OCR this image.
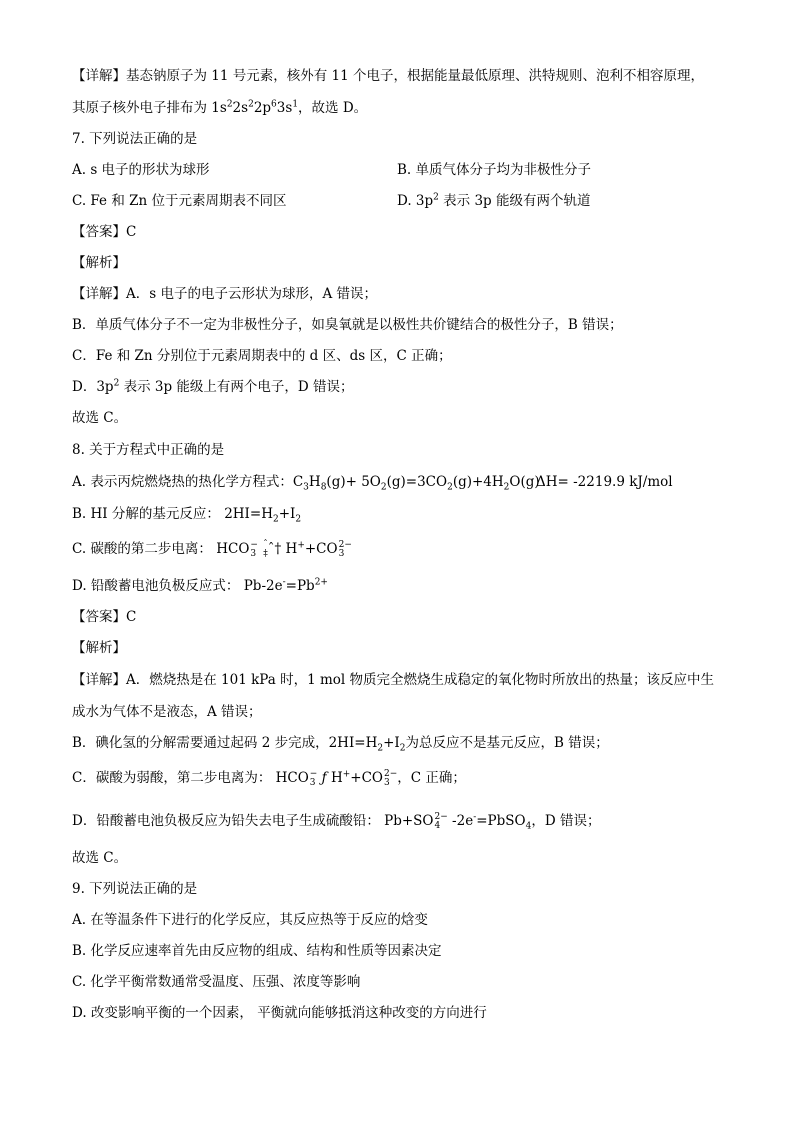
【详解】基态钠原子为 11 号元素，核外有 11 个电子，根据能量最低原理、洪特规则、泡利不相容原理，
其原子核外电子排布为 $1s^22s^22p^63s^1$，故选 D。
7. 下列说法正确的是
A. s 电子的形状为球形	B. 单质气体分子均为非极性分子
C. Fe 和 Zn 位于元素周期表不同区	D. $3p^2$ 表示 3p 能级有两个轨道
【答案】C
【解析】
【详解】A．s 电子的电子云形状为球形，A 错误；
B．单质气体分子不一定为非极性分子，如臭氧就是以极性共价键结合的极性分子，B 错误；
C．Fe 和 Zn 分别位于元素周期表中的 d 区、ds 区，C 正确；
D．$3p^2$ 表示 3p 能级上有两个电子，D 错误；
故选 C。
8. 关于方程式中正确的是
A. 表示丙烷燃烧热的热化学方程式：$C_3H_8(g)+ 5O_2(g)=3CO_2(g)+4H_2O(g)$
ΔH= -2219.9 kJ/mol
B. HI 分解的基元反应： $2HI=H_2+I_2$
C. 碳酸的第二步电离： HCO −
3

ˆ
‡ ˆ† H++CO 2−
3
D. 铅酸蓄电池负极反应式： $Pb-2e^-=Pb^{2+}$
【答案】C
【解析】
【详解】A．燃烧热是在 101 kPa 时，1 mol 物质完全燃烧生成稳定的氧化物时所放出的热量；该反应中生
成水为气体不是液态，A 错误；
B．碘化氢的分解需要通过起码 2 步完成，$2HI=H_2+I_2$为总反应不是基元反应，B 错误；
C．碳酸为弱酸，第二步电离为： HCO −
3 ƒ H++CO 2−
3 ，C 正确；
D．铅酸蓄电池负极反应为铅失去电子生成硫酸铅： Pb+SO 2−
4 -2e-=PbSO$_4$，D 错误；
故选 C。
9. 下列说法正确的是
A. 在等温条件下进行的化学反应，其反应热等于反应的焓变
B. 化学反应速率首先由反应物的组成、结构和性质等因素决定
C. 化学平衡常数通常受温度、压强、浓度等影响
D. 改变影响平衡的一个因素， 平衡就向能够抵消这种改变的方向进行
